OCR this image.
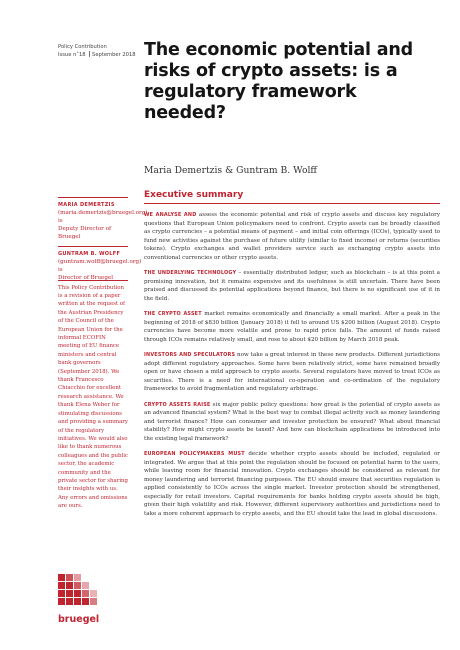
Policy Contribution
Issue n˚18 September 2018 The economic potential and risks of crypto assets: is a regulatory framework needed?
Maria Demertzis & Guntram B. Wolff
Executive summary
MARIA DEMERTZIS
(maria.demertzis@bruegel.org) is
Deputy Director of Bruegel
GUNTRAM B. WOLFF
(guntram.wolff@bruegel.org) is
Director of Bruegel
This Policy Contribution is a revision of a paper written at the request of the Austrian Presidency of the Council of the European Union for the informal ECOFIN meeting of EU finance ministers and central bank governors (September 2018). We thank Francesco Chiacchio for excellent research assistance. We thank Elena Weber for stimulating discussions and providing a summary of the regulatory initiatives. We would also like to thank numerous colleagues and the public sector, the academic community and the private sector for sharing their insights with us. Any errors and omissions are ours.

WE ANALYSE AND assess the economic potential and risk of crypto assets and discuss key regulatory questions that European Union policymakers need to confront. Crypto assets can be broadly classified as crypto currencies – a potential means of payment – and initial coin offerings (ICOs), typically used to fund new activities against the purchase of future utility (similar to fixed income) or returns (securities tokens). Crypto exchanges and wallet providers service such as exchanging crypto assets into conventional currencies or other crypto assets.

THE UNDERLYING TECHNOLOGY – essentially distributed ledger, such as blockchain – is at this point a promising innovation, but it remains expensive and its usefulness is still uncertain. There have been praised and discussed its potential applications beyond finance, but there is no significant use of it in the field.

THE CRYPTO ASSET market remains economically and financially a small market. After a peak in the beginning of 2018 of $830 billion (January 2018) it fell to around US $200 billion (August 2018). Crypto currencies have become more volatile and prone to rapid price falls. The amount of funds raised through ICOs remains relatively small, and rose to about $20 billion by March 2018 peak.

INVESTORS AND SPECULATORS now take a great interest in these new products. Different jurisdictions adopt different regulatory approaches. Some have been relatively strict, some have remained broadly open or have chosen a mild approach to crypto assets. Several regulators have moved to treat ICOs as securities. There is a need for international co-operation and co-ordination of the regulatory frameworks to avoid fragmentation and regulatory arbitrage.

CRYPTO ASSETS RAISE six major public policy questions: how great is the potential of crypto assets as an advanced financial system? What is the best way to combat illegal activity such as money laundering and terrorist finance? How can consumer and investor protection be ensured? What about financial stability? How might crypto assets be taxed? And how can blockchain applications be introduced into the existing legal framework?

EUROPEAN POLICYMAKERS MUST decide whether crypto assets should be included, regulated or integrated. We argue that at this point the regulation should be focused on potential harm to the users, while leaving room for financial innovation. Crypto exchanges should be considered as relevant for money laundering and terrorist financing purposes. The EU should ensure that securities regulation is applied consistently to ICOs across the single market. Investor protection should be strengthened, especially for retail investors. Capital requirements for banks holding crypto assets should be high, given their high volatility and risk. However, different supervisory authorities and jurisdictions need to take a more coherent approach to crypto assets, and the EU should take the lead in global discussions.

bruegel
